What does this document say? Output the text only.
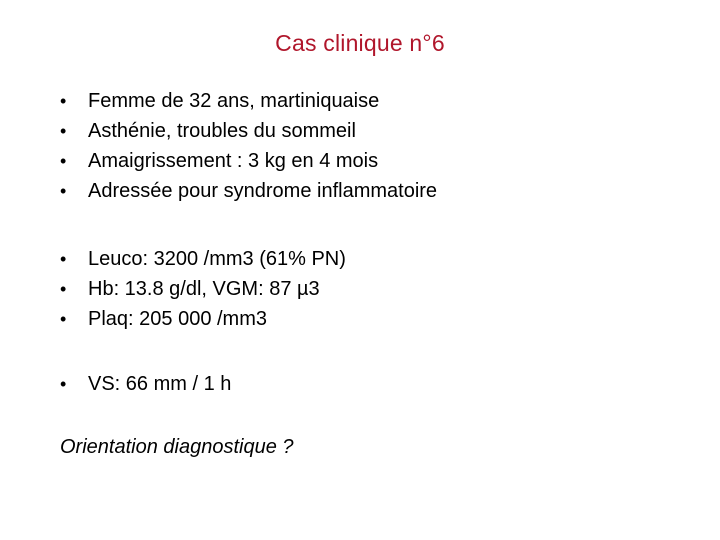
Cas clinique n°6
•	Femme de 32 ans, martiniquaise
•	Asthénie, troubles du sommeil
•	Amaigrissement : 3 kg en 4 mois
•	Adressée pour syndrome inflammatoire
•	Leuco: 3200 /mm3 (61% PN)
•	Hb: 13.8 g/dl, VGM: 87 µ3
•	Plaq: 205 000 /mm3
•	VS: 66 mm / 1 h
Orientation diagnostique ?
